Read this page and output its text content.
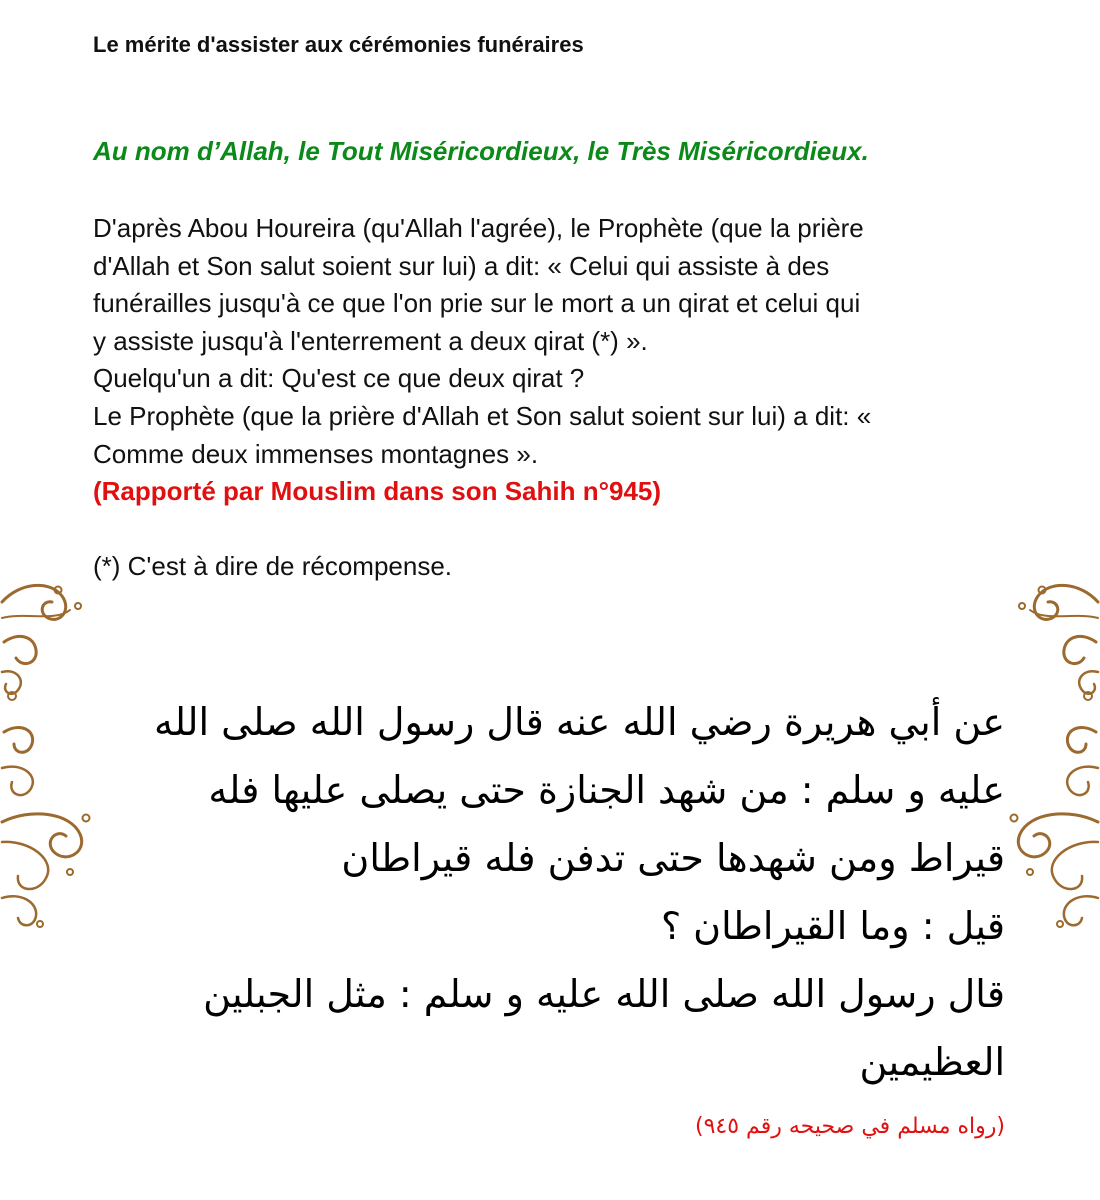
Le mérite d'assister aux cérémonies funéraires
Au nom d’Allah, le Tout Miséricordieux, le Très Miséricordieux.
D'après Abou Houreira (qu'Allah l'agrée), le Prophète (que la prière
d'Allah et Son salut soient sur lui) a dit: « Celui qui assiste à des
funérailles jusqu'à ce que l'on prie sur le mort a un qirat et celui qui
y assiste jusqu'à l'enterrement a deux qirat (*) ».
Quelqu'un a dit: Qu'est ce que deux qirat ?
Le Prophète (que la prière d'Allah et Son salut soient sur lui) a dit: «
Comme deux immenses montagnes ».
(Rapporté par Mouslim dans son Sahih n°945)
(*) C'est à dire de récompense.
عن أبي هريرة رضي الله عنه قال رسول الله صلى الله
عليه و سلم : من شهد الجنازة حتى يصلى عليها فله
قيراط ومن شهدها حتى تدفن فله قيراطان
قيل : وما القيراطان ؟
قال رسول الله صلى الله عليه و سلم : مثل الجبلين
العظيمين
(رواه مسلم في صحيحه رقم ٩٤٥)
